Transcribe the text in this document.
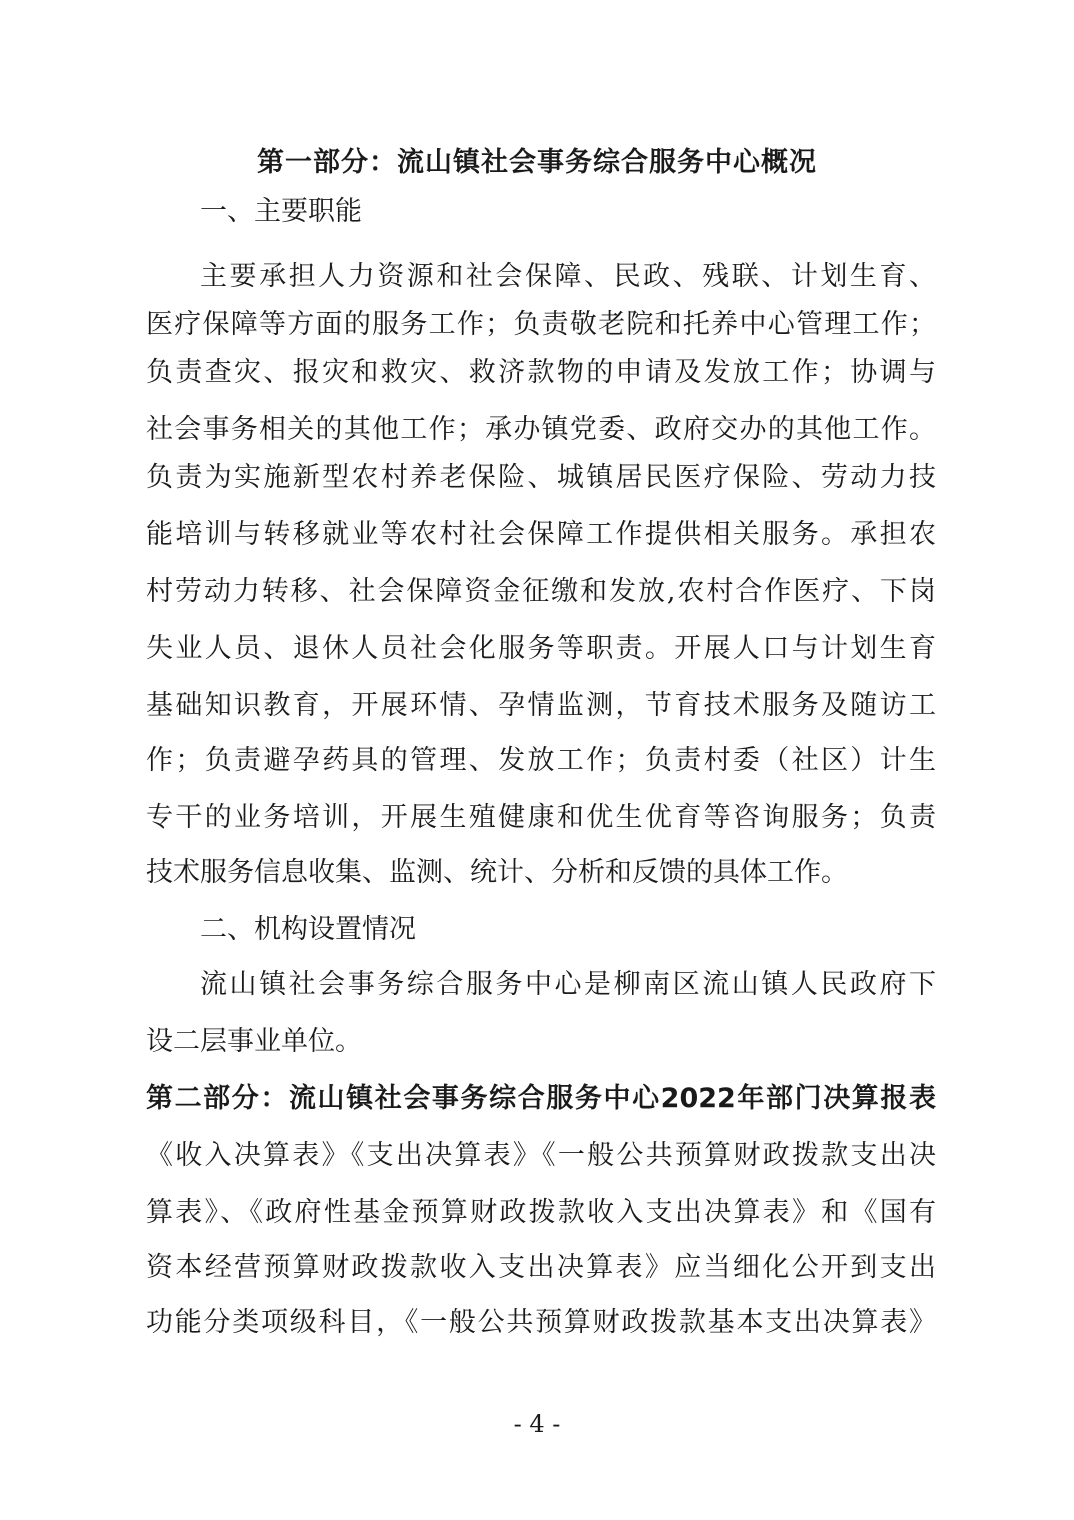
第一部分：流山镇社会事务综合服务中心概况
一、主要职能
主要承担人力资源和社会保障、民政、残联、计划生育、
医疗保障等方面的服务工作；负责敬老院和托养中心管理工作；
负责查灾、报灾和救灾、救济款物的申请及发放工作；协调与
社会事务相关的其他工作；承办镇党委、政府交办的其他工作。
负责为实施新型农村养老保险、城镇居民医疗保险、劳动力技
能培训与转移就业等农村社会保障工作提供相关服务。承担农
村劳动力转移、社会保障资金征缴和发放,农村合作医疗、下岗
失业人员、退休人员社会化服务等职责。开展人口与计划生育
基础知识教育，开展环情、孕情监测，节育技术服务及随访工
作；负责避孕药具的管理、发放工作；负责村委（社区）计生
专干的业务培训，开展生殖健康和优生优育等咨询服务；负责
技术服务信息收集、监测、统计、分析和反馈的具体工作。
二、机构设置情况
流山镇社会事务综合服务中心是柳南区流山镇人民政府下
设二层事业单位。
第二部分：流山镇社会事务综合服务中心2022年部门决算报表
《收入决算表》《支出决算表》《一般公共预算财政拨款支出决
算表》、《政府性基金预算财政拨款收入支出决算表》和《国有
资本经营预算财政拨款收入支出决算表》应当细化公开到支出
功能分类项级科目，《一般公共预算财政拨款基本支出决算表》
- 4 -
